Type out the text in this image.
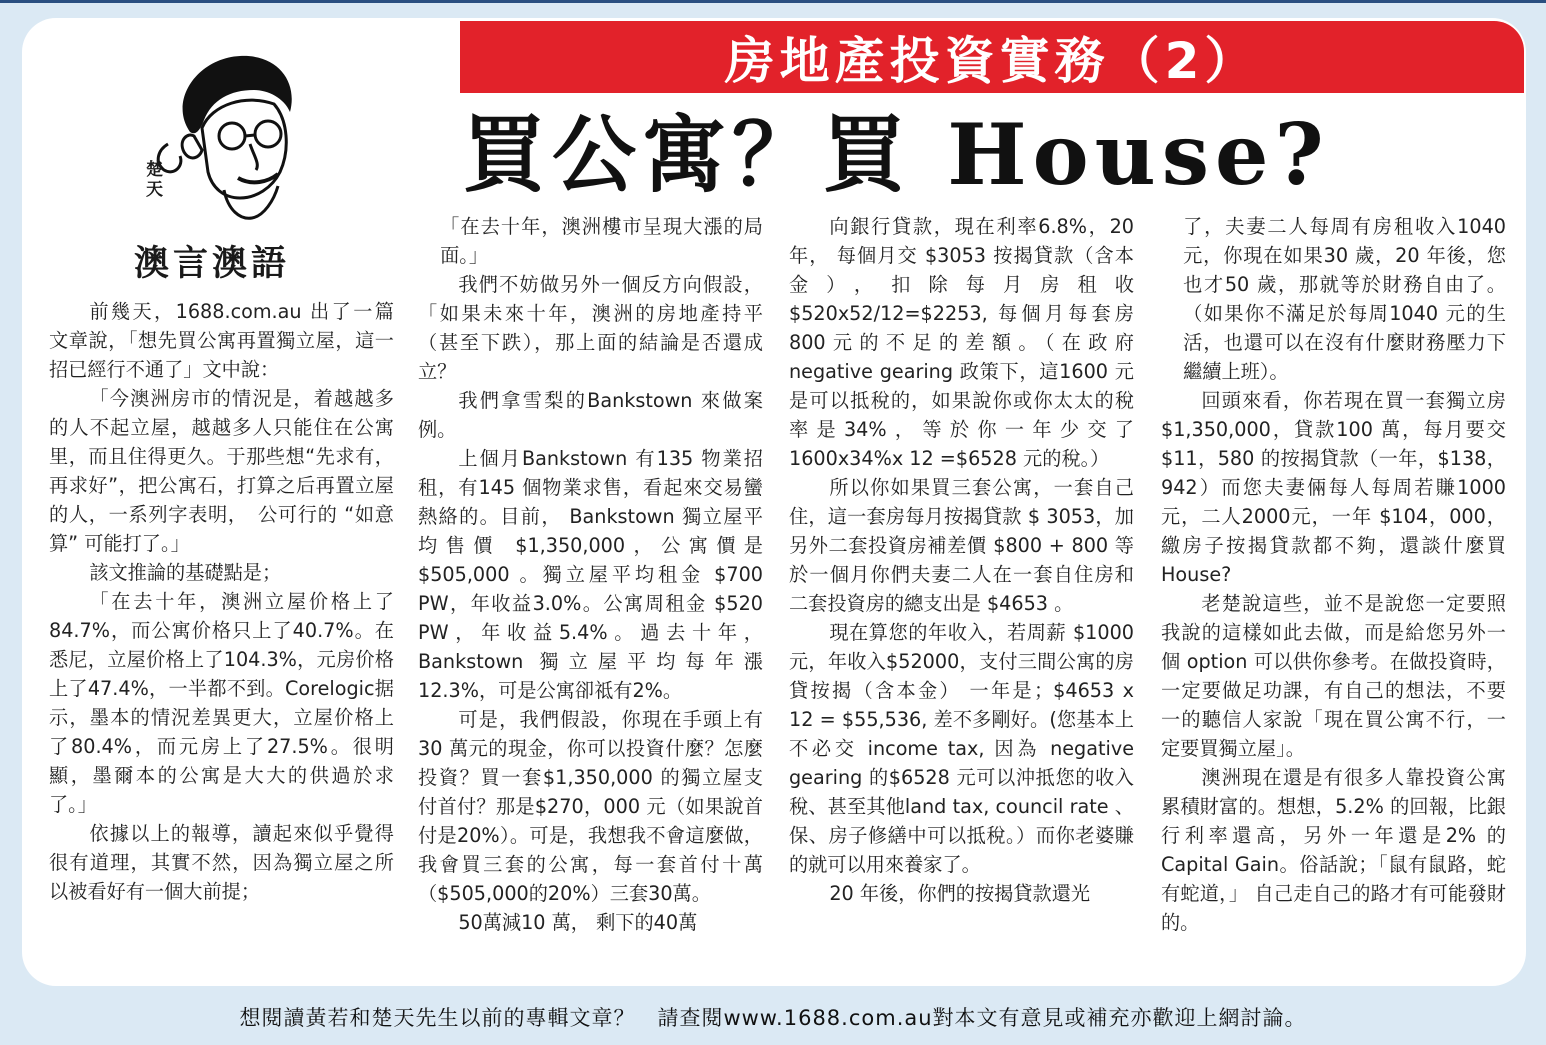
房地產投資實務（2）
買公寓？買 House?
楚天
澳言澳語

前幾天，1688.com.au 出了一篇文章說，「想先買公寓再置獨立屋，這一招已經行不通了」文中說：

「今澳洲房市的情況是，着越越多的人不起立屋，越越多人只能住在公寓里，而且住得更久。于那些想“先求有，再求好”，把公寓石，打算之后再置立屋的人，一系列字表明，　公可行的 “如意算” 可能打了。」

該文推論的基礎點是；

「在去十年，澳洲立屋价格上了84.7%，而公寓价格只上了40.7%。在悉尼，立屋价格上了104.3%，元房价格上了47.4%，一半都不到。Corelogic据示，墨本的情況差異更大，立屋价格上了80.4%，而元房上了27.5%。很明顯，墨爾本的公寓是大大的供過於求了。」

依據以上的報導，讀起來似乎覺得很有道理，其實不然，因為獨立屋之所以被看好有一個大前提；

「在去十年，澳洲樓市呈現大漲的局面。」

我們不妨做另外一個反方向假設，「如果未來十年，澳洲的房地產持平（甚至下跌），那上面的結論是否還成立？

我們拿雪梨的Bankstown 來做案例。

上個月Bankstown 有135 物業招租，有145 個物業求售，看起來交易蠻熱絡的。目前， Bankstown 獨立屋平均售價 $1,350,000，公寓價是 $505,000 。獨立屋平均租金 $700 PW，年收益3.0%。公寓周租金 $520 PW，年收益5.4%。過去十年，Bankstown 獨立屋平均每年漲12.3%，可是公寓卻祗有2%。

可是，我們假設，你現在手頭上有30 萬元的現金，你可以投資什麼？怎麼投資？買一套$1,350,000 的獨立屋支付首付？那是$270，000 元（如果說首付是20%）。可是，我想我不會這麼做，我會買三套的公寓，每一套首付十萬（$505,000的20%）三套30萬。

50萬減10 萬， 剩下的40萬

向銀行貸款，現在利率6.8%，20 年， 每個月交 $3053 按揭貸款（含本金），扣除每月房租收 $520x52/12=$2253, 每個月每套房800元的不足的差額。（在政府 negative gearing 政策下，這1600 元是可以抵稅的，如果說你或你太太的稅率是34%，等於你一年少交了1600x34%x 12 =$6528 元的稅。）

所以你如果買三套公寓，一套自己住，這一套房每月按揭貸款 $ 3053，加另外二套投資房補差價 $800 + 800 等於一個月你們夫妻二人在一套自住房和二套投資房的總支出是 $4653 。

現在算您的年收入，若周薪 $1000元，年收入$52000，支付三間公寓的房貸按揭（含本金） 一年是；$4653 x 12 = $55,536, 差不多剛好。(您基本上不必交 income tax, 因為 negative gearing 的$6528 元可以沖抵您的收入稅、甚至其他land tax, council rate 、保、房子修繕中可以抵稅。）而你老婆賺的就可以用來養家了。

20 年後，你們的按揭貸款還光

了，夫妻二人每周有房租收入1040元，你現在如果30 歲，20 年後，您也才50 歲，那就等於財務自由了。（如果你不滿足於每周1040 元的生活，也還可以在沒有什麼財務壓力下繼續上班）。

回頭來看，你若現在買一套獨立房$1,350,000，貸款100 萬，每月要交$11，580 的按揭貸款（一年，$138，942）而您夫妻倆每人每周若賺1000 元，二人2000元，一年 $104，000，繳房子按揭貸款都不夠，還談什麼買 House?

老楚說這些，並不是說您一定要照我說的這樣如此去做，而是給您另外一個 option 可以供你參考。在做投資時，一定要做足功課，有自己的想法，不要一的聽信人家說「現在買公寓不行，一定要買獨立屋」。

澳洲現在還是有很多人靠投資公寓累積財富的。想想，5.2% 的回報，比銀行利率還高，另外一年還是2% 的 Capital Gain。俗話說；「鼠有鼠路，蛇有蛇道，」 自己走自己的路才有可能發財的。

想閱讀黃若和楚天先生以前的專輯文章？　請查閱www.1688.com.au對本文有意見或補充亦歡迎上網討論。
